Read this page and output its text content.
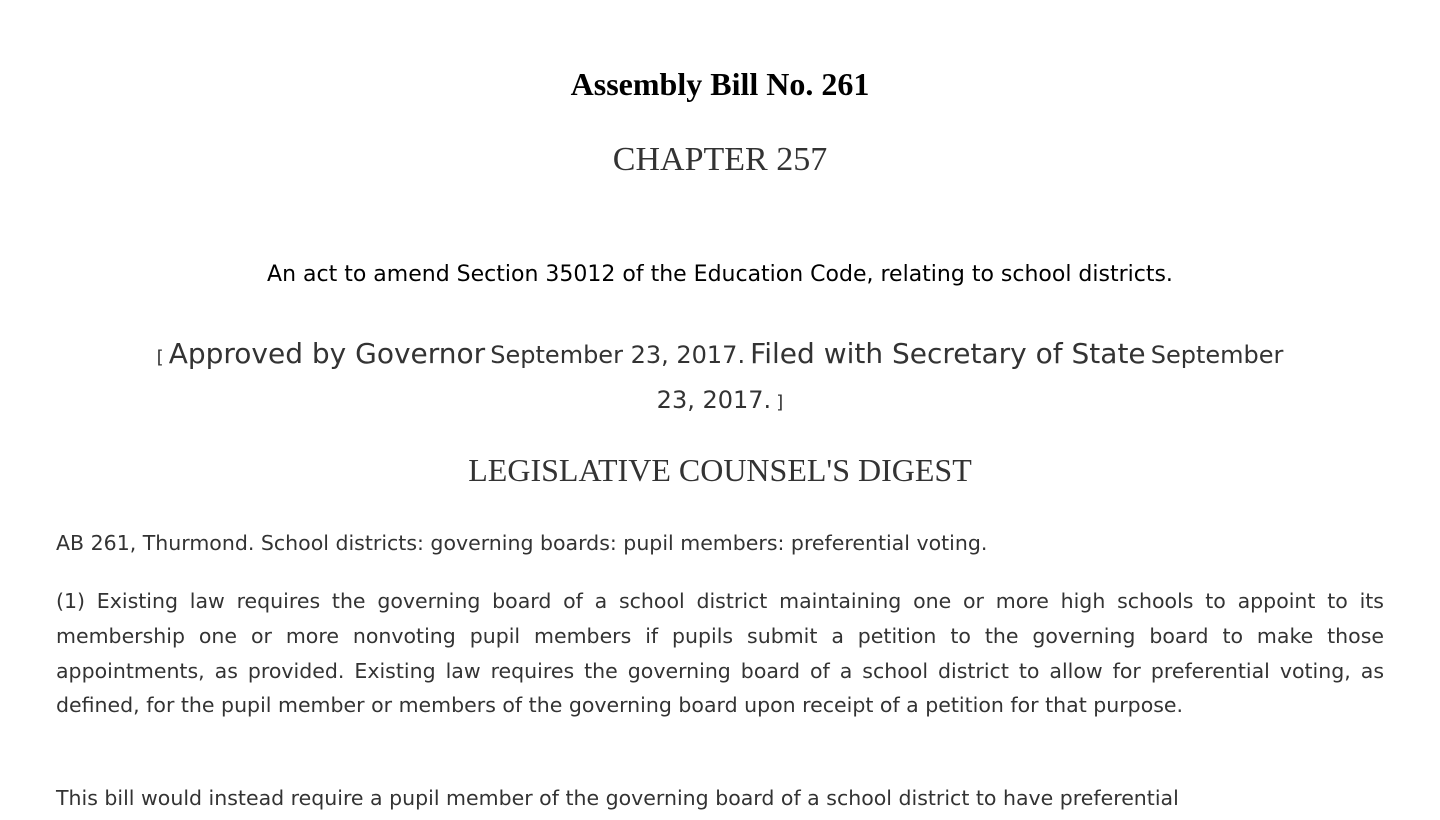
Assembly Bill No. 261
CHAPTER 257
An act to amend Section 35012 of the Education Code, relating to school districts.
[ Approved by Governor September 23, 2017. Filed with Secretary of State September 23, 2017. ]
LEGISLATIVE COUNSEL'S DIGEST
AB 261, Thurmond. School districts: governing boards: pupil members: preferential voting.

(1) Existing law requires the governing board of a school district maintaining one or more high schools to appoint to its membership one or more nonvoting pupil members if pupils submit a petition to the governing board to make those appointments, as provided. Existing law requires the governing board of a school district to allow for preferential voting, as defined, for the pupil member or members of the governing board upon receipt of a petition for that purpose.

This bill would instead require a pupil member of the governing board of a school district to have preferential
